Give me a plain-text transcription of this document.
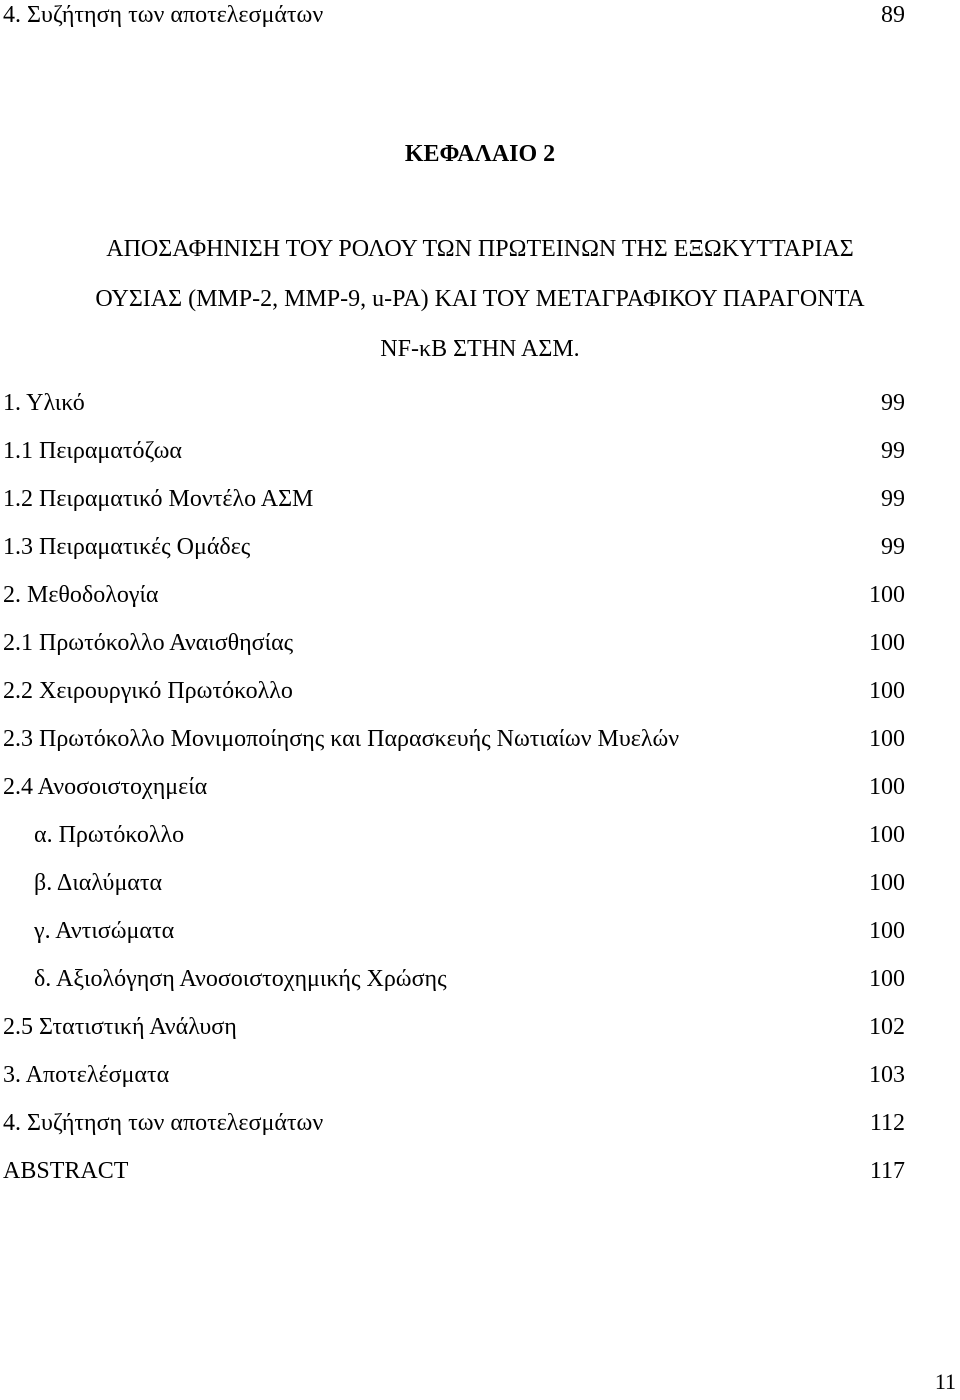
4. Συζήτηση των αποτελεσμάτων	89
ΚΕΦΑΛΑΙΟ 2
ΑΠΟΣΑΦΗΝΙΣΗ ΤΟΥ ΡΟΛΟΥ ΤΩΝ ΠΡΩΤΕΙΝΩΝ ΤΗΣ ΕΞΩΚΥΤΤΑΡΙΑΣ
ΟΥΣΙΑΣ (MMP-2, MMP-9, u-PA) ΚΑΙ ΤΟΥ ΜΕΤΑΓΡΑΦΙΚΟΥ ΠΑΡΑΓΟΝΤΑ
NF-κB ΣΤΗΝ ΑΣΜ.
1. Υλικό	99
1.1 Πειραματόζωα	99
1.2 Πειραματικό Μοντέλο ΑΣΜ	99
1.3 Πειραματικές Ομάδες	99
2. Μεθοδολογία	100
2.1 Πρωτόκολλο Αναισθησίας	100
2.2 Χειρουργικό Πρωτόκολλο	100
2.3 Πρωτόκολλο Μονιμοποίησης και Παρασκευής Νωτιαίων Μυελών	100
2.4 Ανοσοιστοχημεία	100
α. Πρωτόκολλο	100
β. Διαλύματα	100
γ. Αντισώματα	100
δ. Αξιολόγηση Ανοσοιστοχημικής Χρώσης	100
2.5 Στατιστική Ανάλυση	102
3. Αποτελέσματα	103
4. Συζήτηση των αποτελεσμάτων	112
ABSTRACT	117
11
